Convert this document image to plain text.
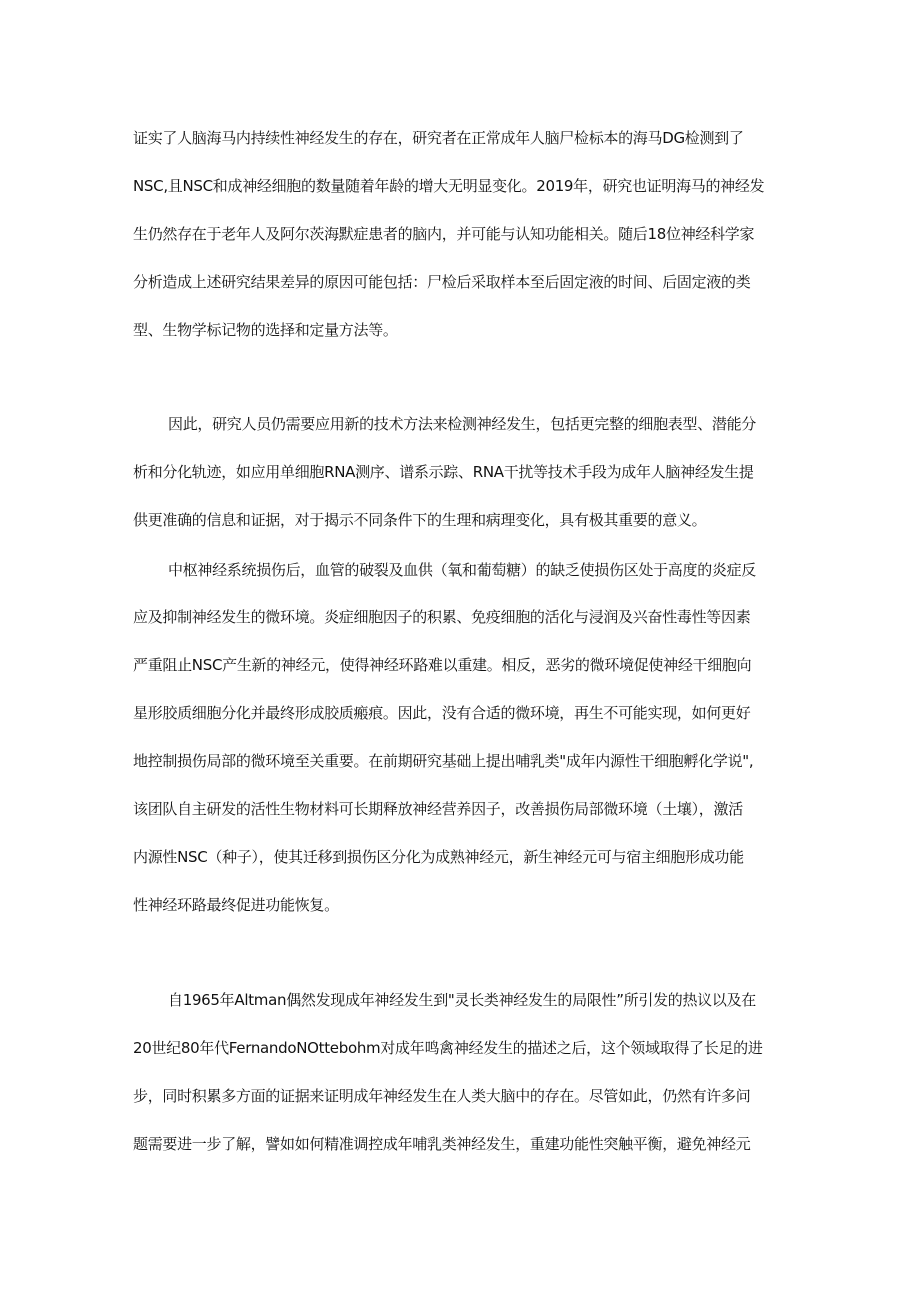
证实了人脑海马内持续性神经发生的存在，研究者在正常成年人脑尸检标本的海马DG检测到了
NSC,且NSC和成神经细胞的数量随着年龄的增大无明显变化。2019年，研究也证明海马的神经发
生仍然存在于老年人及阿尔茨海默症患者的脑内，并可能与认知功能相关。随后18位神经科学家
分析造成上述研究结果差异的原因可能包括：尸检后采取样本至后固定液的时间、后固定液的类
型、生物学标记物的选择和定量方法等。
因此，研究人员仍需要应用新的技术方法来检测神经发生，包括更完整的细胞表型、潜能分
析和分化轨迹，如应用单细胞RNA测序、谱系示踪、RNA干扰等技术手段为成年人脑神经发生提
供更准确的信息和证据，对于揭示不同条件下的生理和病理变化，具有极其重要的意义。
中枢神经系统损伤后，血管的破裂及血供（氧和葡萄糖）的缺乏使损伤区处于高度的炎症反
应及抑制神经发生的微环境。炎症细胞因子的积累、免疫细胞的活化与浸润及兴奋性毒性等因素
严重阻止NSC产生新的神经元，使得神经环路难以重建。相反，恶劣的微环境促使神经干细胞向
星形胶质细胞分化并最终形成胶质瘢痕。因此，没有合适的微环境，再生不可能实现，如何更好
地控制损伤局部的微环境至关重要。在前期研究基础上提出哺乳类"成年内源性干细胞孵化学说",
该团队自主研发的活性生物材料可长期释放神经营养因子，改善损伤局部微环境（土壤），激活
内源性NSC（种子），使其迁移到损伤区分化为成熟神经元，新生神经元可与宿主细胞形成功能
性神经环路最终促进功能恢复。
自1965年Altman偶然发现成年神经发生到"灵长类神经发生的局限性”所引发的热议以及在
20世纪80年代FernandoNOttebohm对成年鸣禽神经发生的描述之后，这个领域取得了长足的进
步，同时积累多方面的证据来证明成年神经发生在人类大脑中的存在。尽管如此，仍然有许多问
题需要进一步了解，譬如如何精准调控成年哺乳类神经发生，重建功能性突触平衡，避免神经元
